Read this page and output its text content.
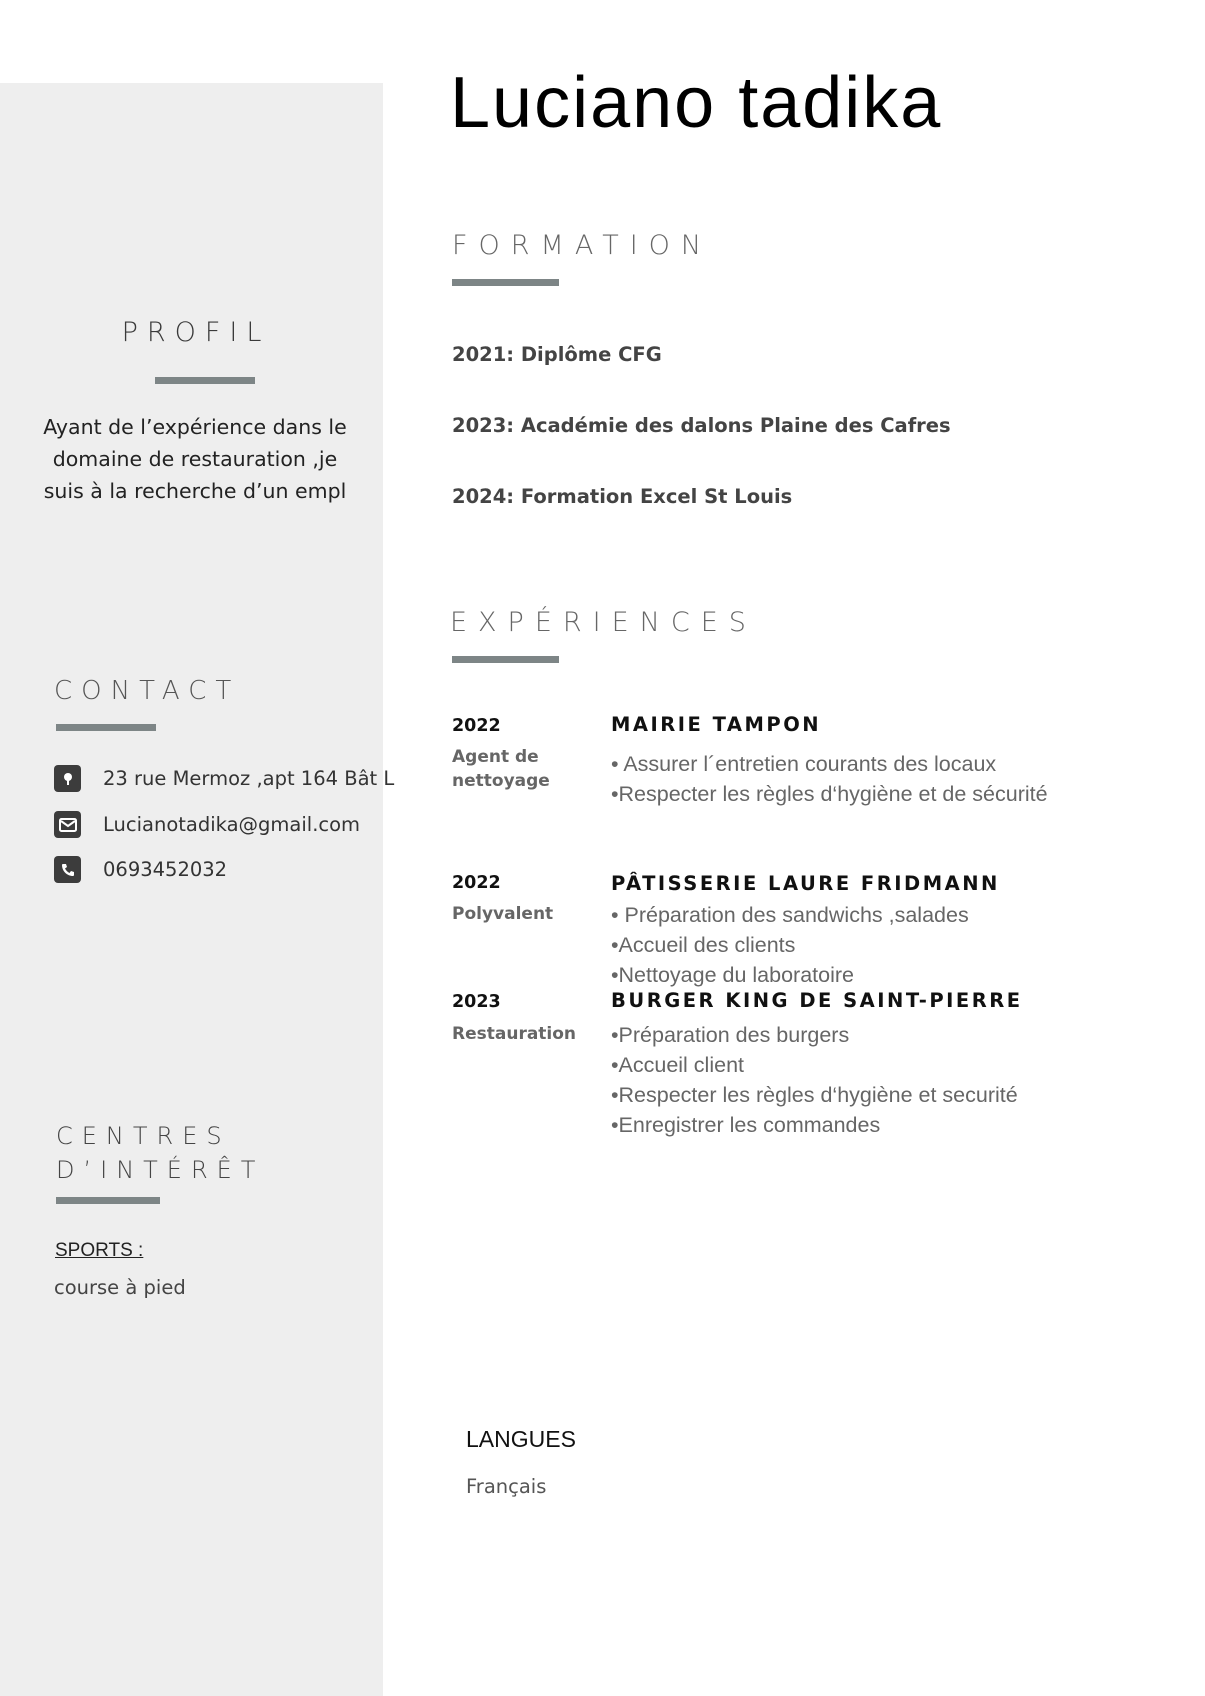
Luciano tadika
PROFIL

Ayant de l’expérience dans le domaine de restauration ,je suis à la recherche d’un empl

CONTACT
23 rue Mermoz ,apt 164 Bât L
Lucianotadika@gmail.com
0693452032
CENTRES
D’INTÉRÊT
SPORTS :
course à pied
FORMATION
2021: Diplôme CFG
2023: Académie des dalons Plaine des Cafres
2024: Formation Excel St Louis
EXPÉRIENCES
2022
Agent de nettoyage
MAIRIE TAMPON
• Assurer l´entretien courants des locaux
•Respecter les règles d‘hygiène et de sécurité
2022
Polyvalent
PÂTISSERIE LAURE FRIDMANN
• Préparation des sandwichs ,salades
•Accueil des clients
•Nettoyage du laboratoire
2023
Restauration
BURGER KING DE SAINT-PIERRE
•Préparation des burgers
•Accueil client
•Respecter les règles d‘hygiène et securité
•Enregistrer les commandes
LANGUES
Français
